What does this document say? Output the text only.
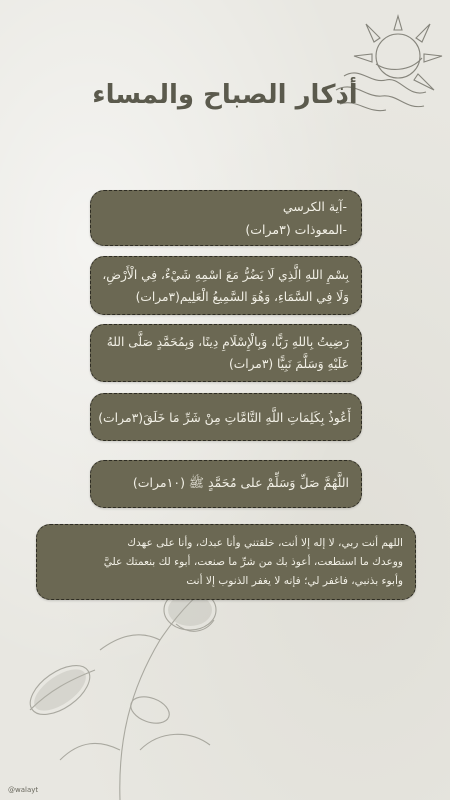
أذكار الصباح والمساء
-آية الكرسي
-المعوذات (٣مرات)
بِسْمِ اللهِ الَّذِي لَا يَضُرُّ مَعَ اسْمِهِ شَيْءٌ، فِي الْأَرْضِ،
وَلَا فِي السَّمَاءِ، وَهُوَ السَّمِيعُ الْعَلِيم(٣مرات)
رَضِيتُ بِاللهِ رَبًّا، وَبِالْإِسْلَامِ دِينًا، وَبِمُحَمَّدٍ صَلَّى اللهُ
عَلَيْهِ وَسَلَّمَ نَبِيًّا (٣مرات)
أَعُوذُ بِكَلِمَاتِ اللَّهِ التَّامَّاتِ مِنْ شَرِّ مَا خَلَقَ(٣مرات)
اللَّهُمَّ صَلِّ وَسَلِّمْ على مُحَمَّدٍ ﷺ (١٠مرات)
اللهم أنت ربي، لا إله إلا أنت، خلقتني وأنا عبدك، وأنا على عهدك
ووعدك ما استطعت، أعوذ بك من شرِّ ما صنعت، أبوء لك بنعمتك عليَّ
وأبوء بذنبي، فاغفر لي؛ فإنه لا يغفر الذنوب إلا أنت
@walayt
